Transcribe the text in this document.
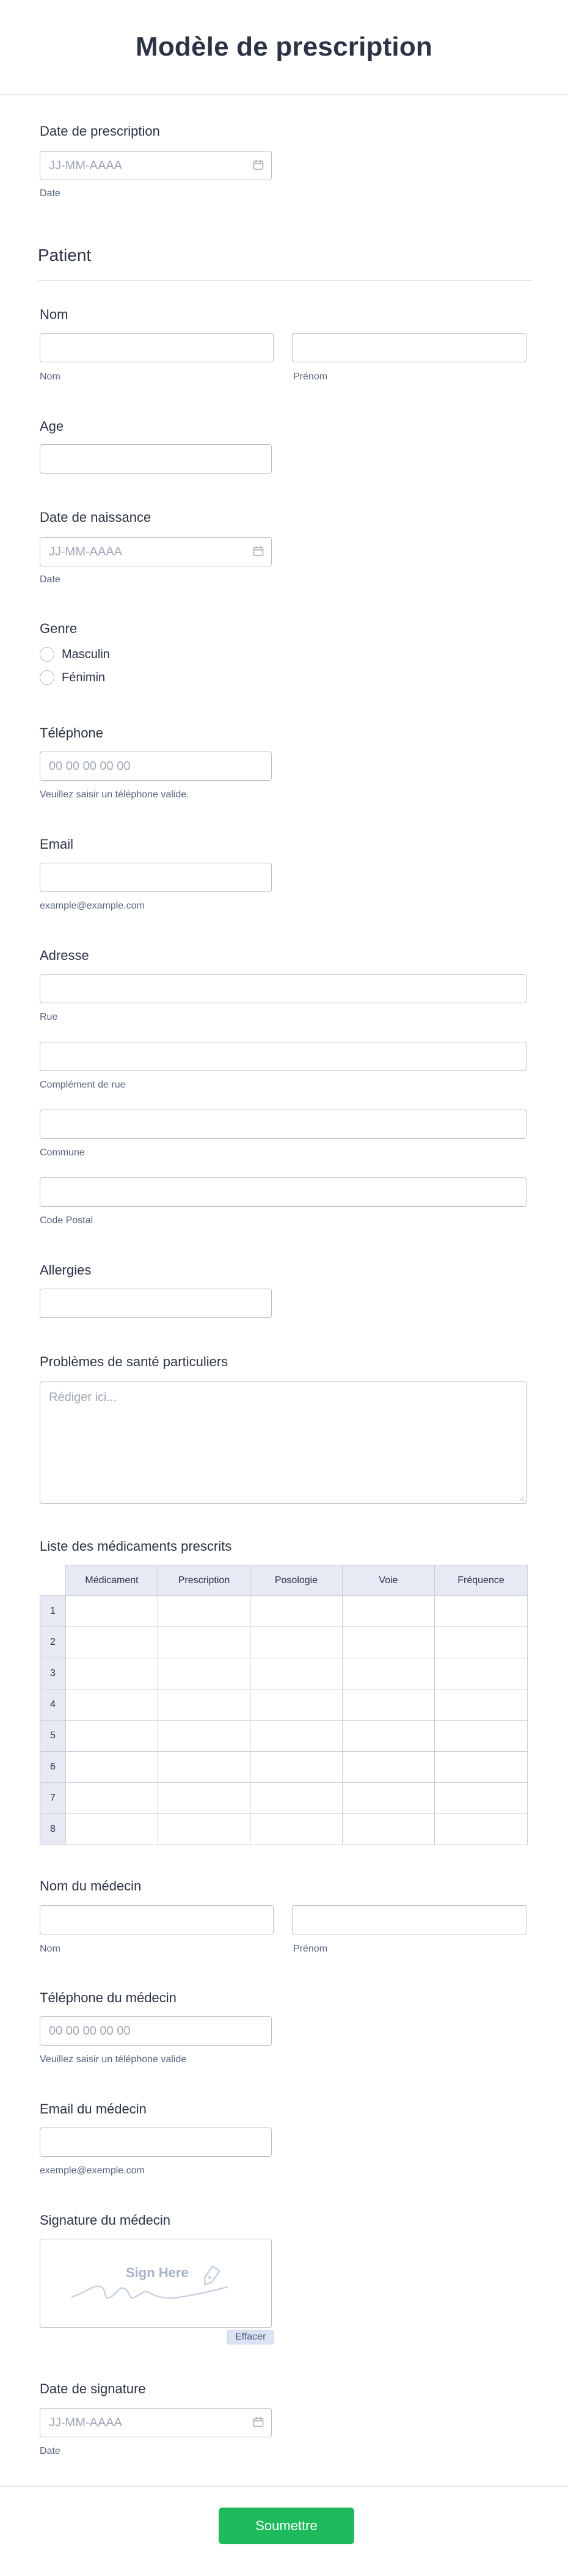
Modèle de prescription
Date de prescription
JJ-MM-AAAA
Date
Patient
Nom
Nom	Prénom
Age
Date de naissance
JJ-MM-AAAA
Date
Genre
Masculin
Fénimin
Téléphone
00 00 00 00 00
Veuillez saisir un téléphone valide.
Email
example@example.com
Adresse
Rue
Complément de rue
Commune
Code Postal
Allergies
Problèmes de santé particuliers
Rédiger ici...
Liste des médicaments prescrits
	Médicament	Prescription	Posologie	Voie	Fréquence
1					
2					
3					
4					
5					
6					
7					
8					
Nom du médecin
Nom	Prénom
Téléphone du médecin
00 00 00 00 00
Veuillez saisir un téléphone valide
Email du médecin
exemple@exemple.com
Signature du médecin
Sign Here
Effacer
Date de signature
JJ-MM-AAAA
Date
Soumettre
